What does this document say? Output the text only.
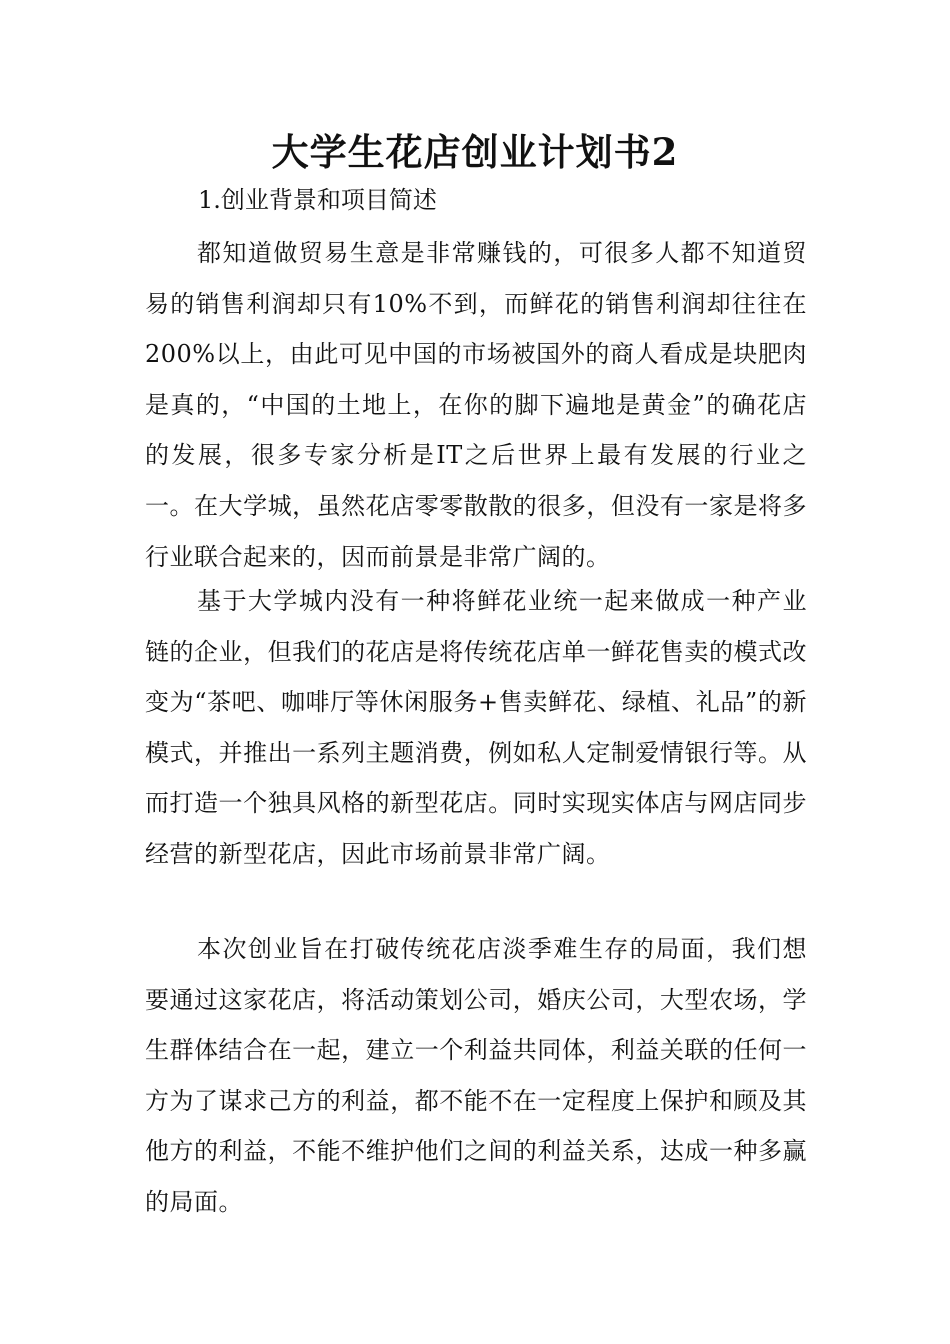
大学生花店创业计划书2

1.创业背景和项目简述

都知道做贸易生意是非常赚钱的，可很多人都不知道贸易的销售利润却只有10%不到，而鲜花的销售利润却往往在200%以上，由此可见中国的市场被国外的商人看成是块肥肉是真的，“中国的土地上，在你的脚下遍地是黄金”的确花店的发展，很多专家分析是IT之后世界上最有发展的行业之一。在大学城，虽然花店零零散散的很多，但没有一家是将多行业联合起来的，因而前景是非常广阔的。

基于大学城内没有一种将鲜花业统一起来做成一种产业链的企业，但我们的花店是将传统花店单一鲜花售卖的模式改变为“茶吧、咖啡厅等休闲服务+售卖鲜花、绿植、礼品”的新模式，并推出一系列主题消费，例如私人定制爱情银行等。从而打造一个独具风格的新型花店。同时实现实体店与网店同步经营的新型花店，因此市场前景非常广阔。

本次创业旨在打破传统花店淡季难生存的局面，我们想要通过这家花店，将活动策划公司，婚庆公司，大型农场，学生群体结合在一起，建立一个利益共同体，利益关联的任何一方为了谋求己方的利益，都不能不在一定程度上保护和顾及其他方的利益，不能不维护他们之间的利益关系，达成一种多赢的局面。
